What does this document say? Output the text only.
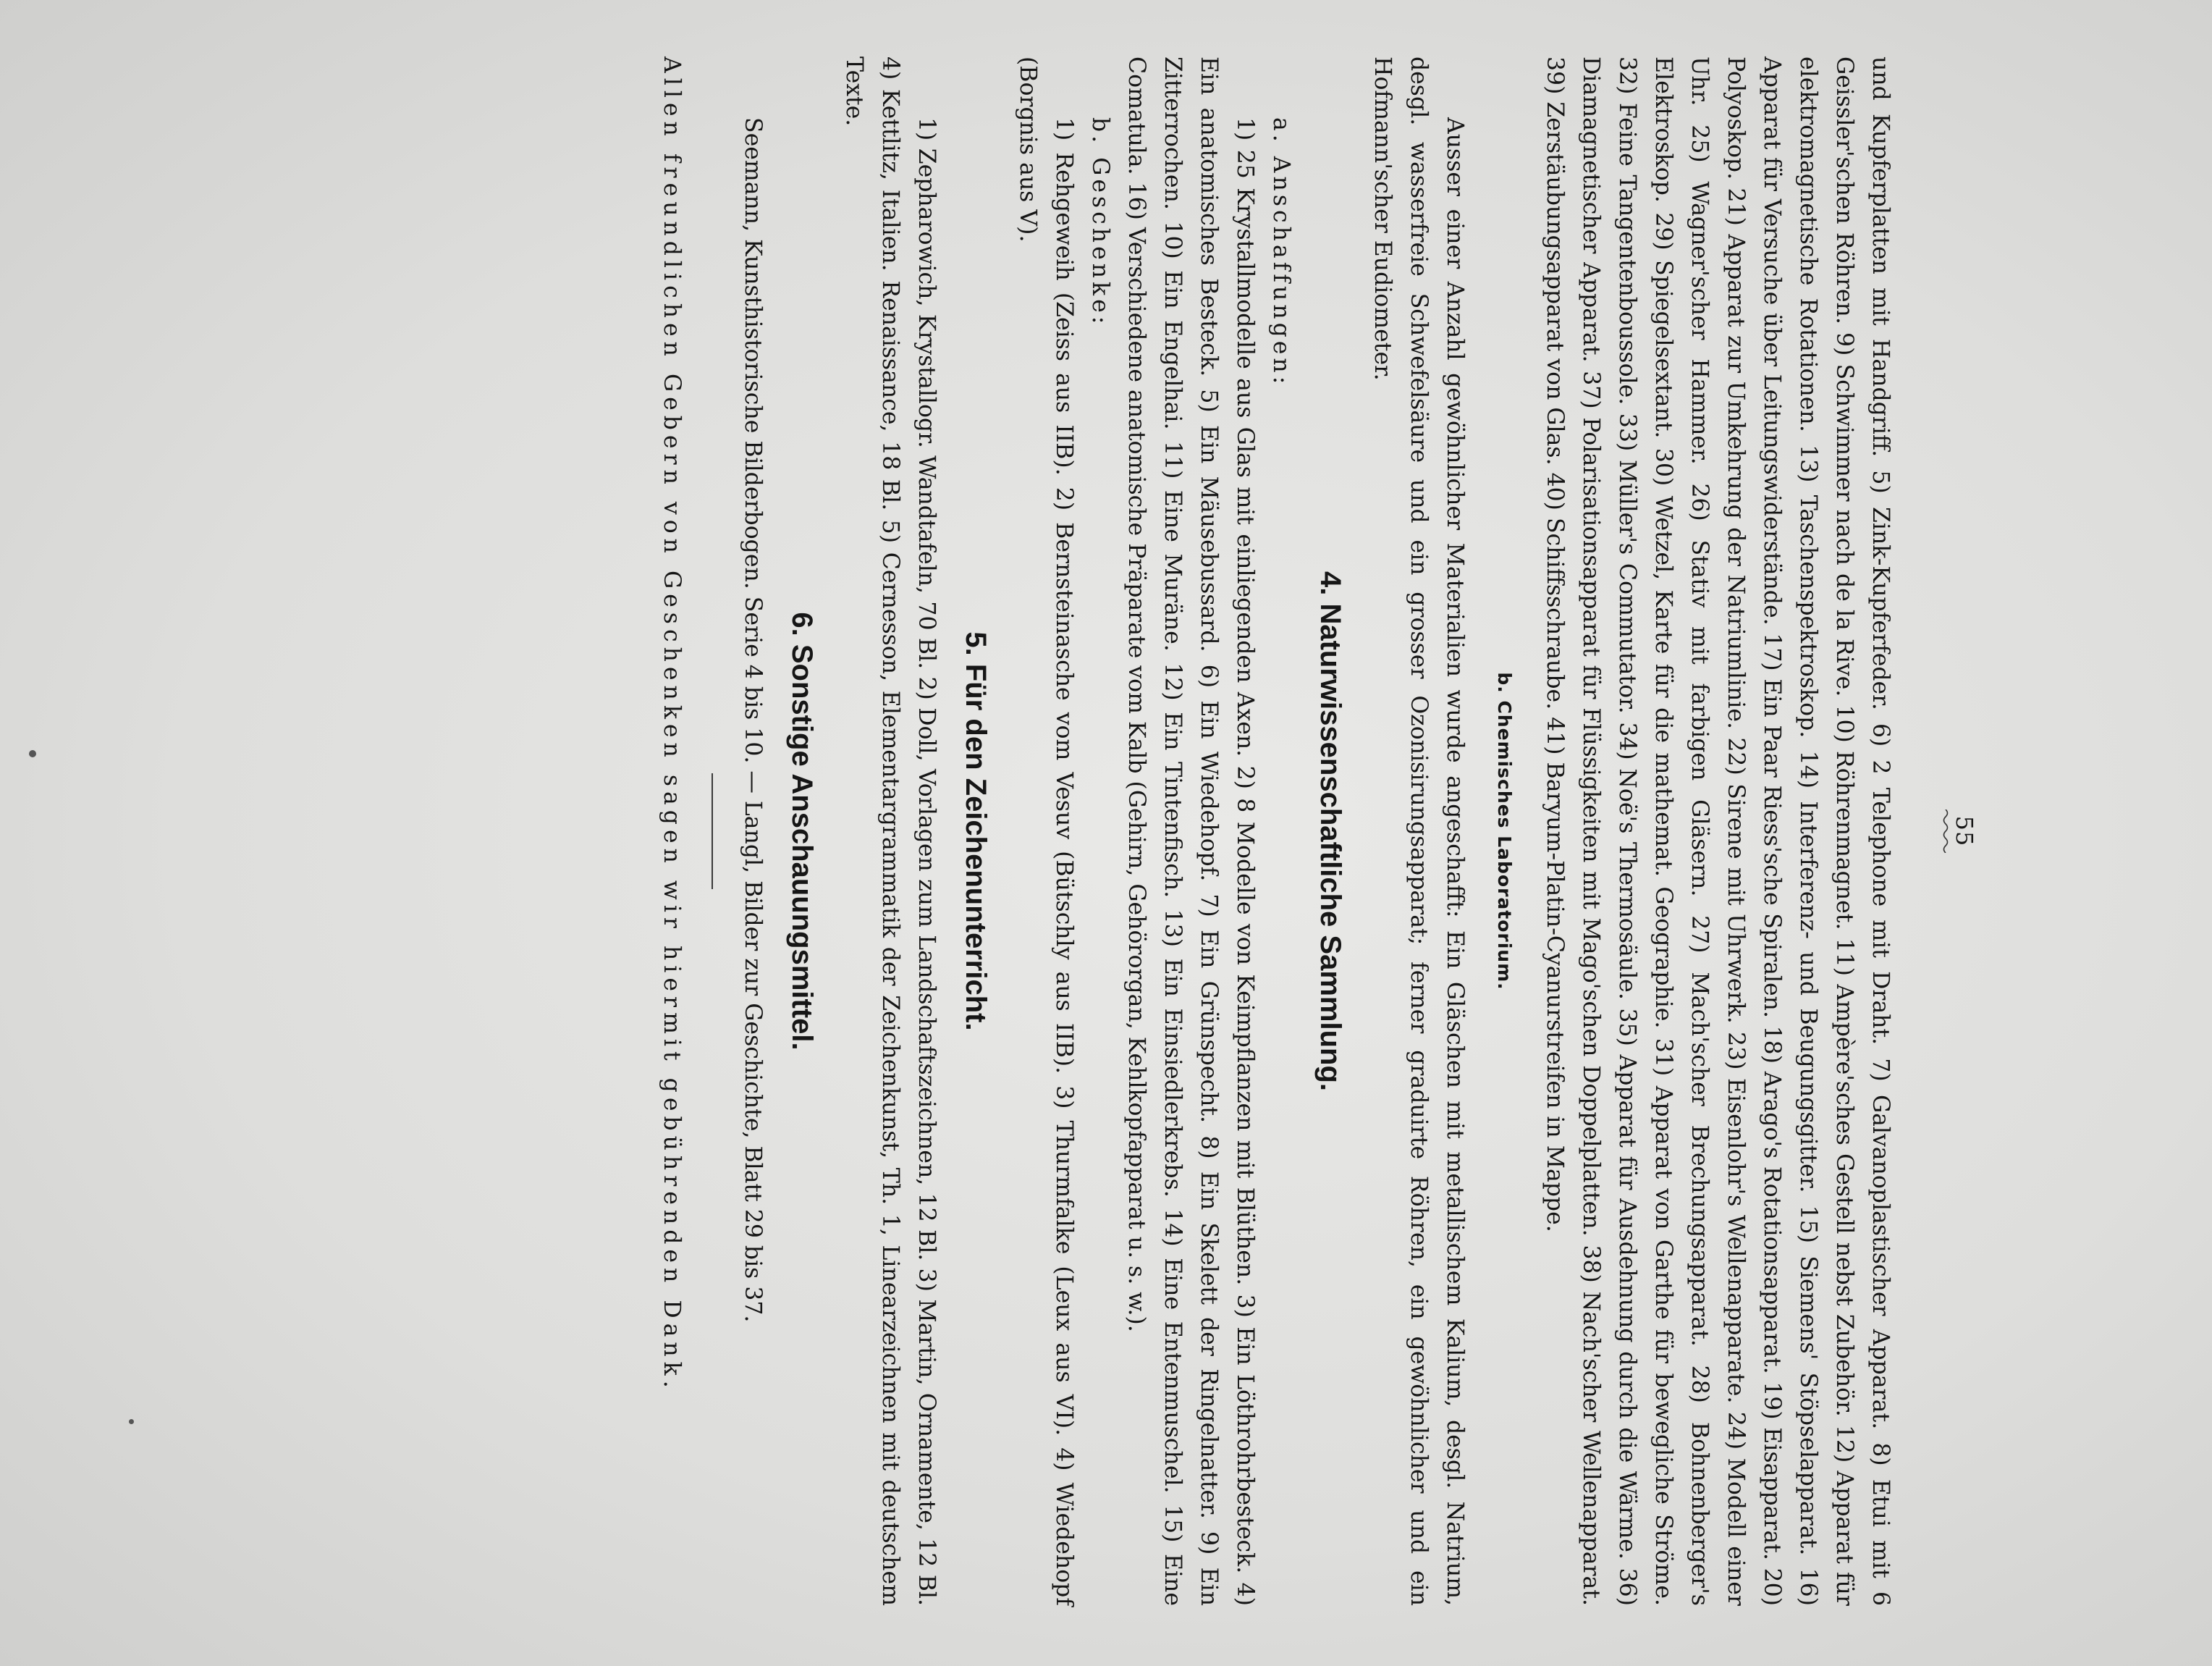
55

und Kupferplatten mit Handgriff. 5) Zink-Kupferfeder. 6) 2 Telephone mit Draht. 7) Galvanoplastischer Apparat. 8) Etui mit 6 Geissler'schen Röhren. 9) Schwimmer nach de la Rive. 10) Röhrenmagnet. 11) Ampère'sches Gestell nebst Zubehör. 12) Apparat für elektromagnetische Rotationen. 13) Taschenspektroskop. 14) Interferenz- und Beugungsgitter. 15) Siemens' Stöpselapparat. 16) Apparat für Versuche über Leitungswiderstände. 17) Ein Paar Riess'sche Spiralen. 18) Arago's Rotationsapparat. 19) Eisapparat. 20) Polyoskop. 21) Apparat zur Umkehrung der Natriumlinie. 22) Sirene mit Uhrwerk. 23) Eisenlohr's Wellenapparate. 24) Modell einer Uhr. 25) Wagner'scher Hammer. 26) Stativ mit farbigen Gläsern. 27) Mach'scher Brechungsapparat. 28) Bohnenberger's Elektroskop. 29) Spiegelsextant. 30) Wetzel, Karte für die mathemat. Geographie. 31) Apparat von Garthe für bewegliche Ströme. 32) Feine Tangentenboussole. 33) Müller's Commutator. 34) Noë's Thermosäule. 35) Apparat für Ausdehnung durch die Wärme. 36) Diamagnetischer Apparat. 37) Polarisationsapparat für Flüssigkeiten mit Mago'schen Doppelplatten. 38) Nach'scher Wellenapparat. 39) Zerstäubungsapparat von Glas. 40) Schiffsschraube. 41) Baryum-Platin-Cyanurstreifen in Mappe.

b. Chemisches Laboratorium.

Ausser einer Anzahl gewöhnlicher Materialien wurde angeschafft: Ein Gläschen mit metallischem Kalium, desgl. Natrium, desgl. wasserfreie Schwefelsäure und ein grosser Ozonisirungsapparat; ferner graduirte Röhren, ein gewöhnlicher und ein Hofmann'scher Eudiometer.

4. Naturwissenschaftliche Sammlung.

a. Anschaffungen:

1) 25 Krystallmodelle aus Glas mit einliegenden Axen. 2) 8 Modelle von Keimpflanzen mit Blüthen. 3) Ein Löthrohrbesteck. 4) Ein anatomisches Besteck. 5) Ein Mäusebussard. 6) Ein Wiedehopf. 7) Ein Grünspecht. 8) Ein Skelett der Ringelnatter. 9) Ein Zitterrochen. 10) Ein Engelhai. 11) Eine Muräne. 12) Ein Tintenfisch. 13) Ein Einsiedlerkrebs. 14) Eine Entenmuschel. 15) Eine Comatula. 16) Verschiedene anatomische Präparate vom Kalb (Gehirn, Gehörorgan, Kehlkopfapparat u. s. w.).

b. Geschenke:

1) Rehgeweih (Zeiss aus IIB). 2) Bernsteinasche vom Vesuv (Bütschly aus IIB). 3) Thurmfalke (Leux aus VI). 4) Wiedehopf (Borgnis aus V).

5. Für den Zeichenunterricht.

1) Zepharowich, Krystallogr. Wandtafeln, 70 Bl. 2) Doll, Vorlagen zum Landschaftszeichnen, 12 Bl. 3) Martin, Ornamente, 12 Bl. 4) Kettlitz, Italien. Renaissance, 18 Bl. 5) Cernesson, Elementargrammatik der Zeichenkunst, Th. 1, Linearzeichnen mit deutschem Texte.

6. Sonstige Anschauungsmittel.

Seemann, Kunsthistorische Bilderbogen. Serie 4 bis 10. — Langl, Bilder zur Geschichte, Blatt 29 bis 37.

Allen freundlichen Gebern von Geschenken sagen wir hiermit gebührenden Dank.
